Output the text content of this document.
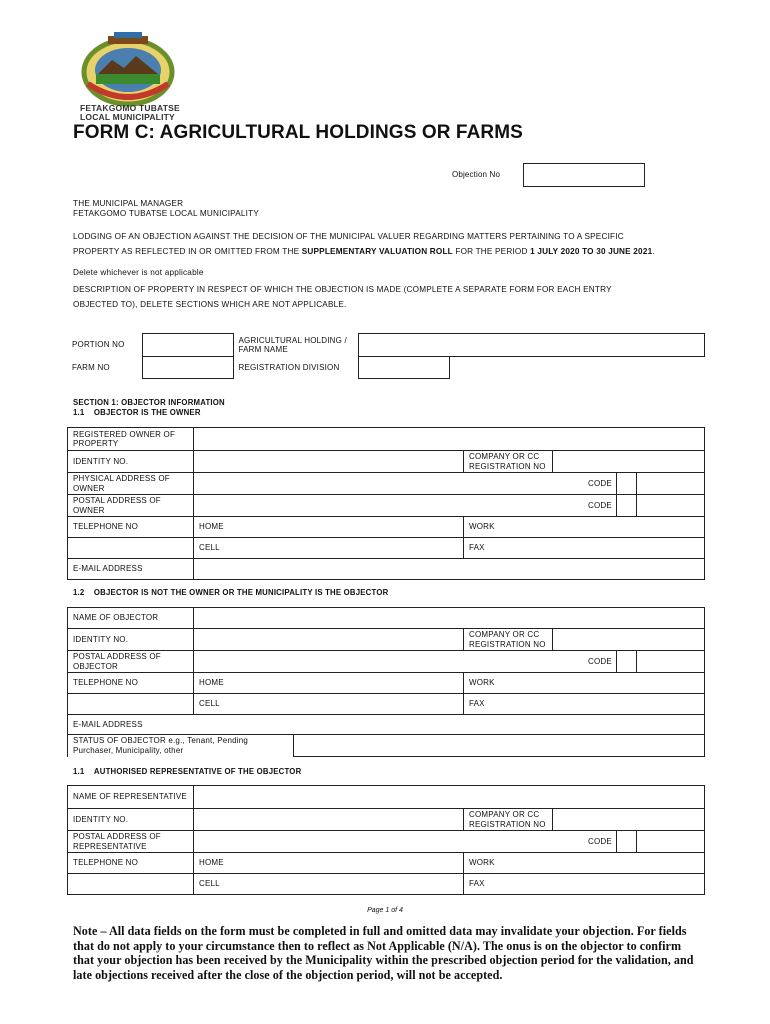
FETAKGOMO TUBATSE
LOCAL MUNICIPALITY
FORM C: AGRICULTURAL HOLDINGS OR FARMS
Objection No
THE MUNICIPAL MANAGER
FETAKGOMO TUBATSE LOCAL MUNICIPALITY
LODGING OF AN OBJECTION AGAINST THE DECISION OF THE MUNICIPAL VALUER REGARDING MATTERS PERTAINING TO A SPECIFIC
PROPERTY AS REFLECTED IN OR OMITTED FROM THE SUPPLEMENTARY VALUATION ROLL FOR THE PERIOD 1 JULY 2020 TO 30 JUNE 2021.
Delete whichever is not applicable
DESCRIPTION OF PROPERTY IN RESPECT OF WHICH THE OBJECTION IS MADE (COMPLETE A SEPARATE FORM FOR EACH ENTRY
OBJECTED TO), DELETE SECTIONS WHICH ARE NOT APPLICABLE.
PORTION NO		AGRICULTURAL HOLDING / FARM NAME		
FARM NO		REGISTRATION DIVISION		
SECTION 1: OBJECTOR INFORMATION
1.1 OBJECTOR IS THE OWNER
REGISTERED OWNER OF PROPERTY					
IDENTITY NO.		COMPANY OR CC REGISTRATION NO			
PHYSICAL ADDRESS OF OWNER				CODE	
POSTAL ADDRESS OF OWNER				CODE	
TELEPHONE NO	HOME	WORK			
	CELL	FAX			
E-MAIL ADDRESS					
1.2 OBJECTOR IS NOT THE OWNER OR THE MUNICIPALITY IS THE OBJECTOR
NAME OF OBJECTOR						
IDENTITY NO.			COMPANY OR CC REGISTRATION NO			
POSTAL ADDRESS OF OBJECTOR					CODE	
TELEPHONE NO	HOME		WORK			
	CELL		FAX			
E-MAIL ADDRESS						
STATUS OF OBJECTOR e.g., Tenant, Pending Purchaser, Municipality, other						
1.1 AUTHORISED REPRESENTATIVE OF THE OBJECTOR
NAME OF REPRESENTATIVE					
IDENTITY NO.		COMPANY OR CC REGISTRATION NO			
POSTAL ADDRESS OF REPRESENTATIVE				CODE	
TELEPHONE NO	HOME	WORK			
	CELL	FAX			
Page 1 of 4
Note – All data fields on the form must be completed in full and omitted data may invalidate your objection. For fields that do not apply to your circumstance then to reflect as Not Applicable (N/A). The onus is on the objector to confirm that your objection has been received by the Municipality within the prescribed objection period for the validation, and late objections received after the close of the objection period, will not be accepted.
